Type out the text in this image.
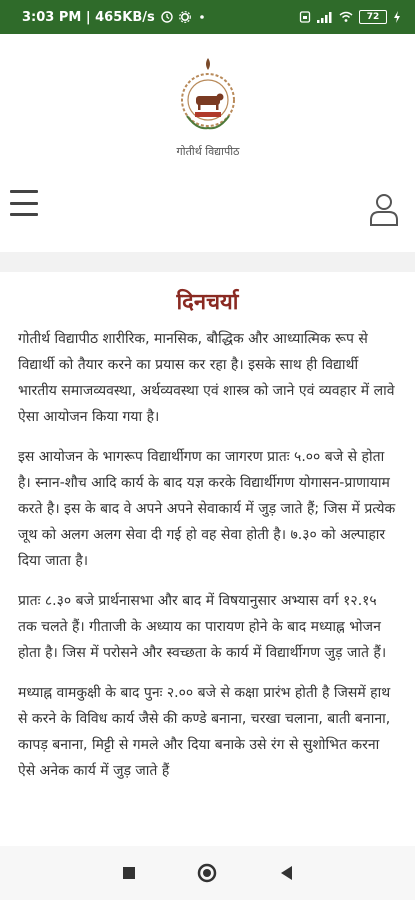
3:03 PM | 465KB/s	72
गोतीर्थ विद्यापीठ
दिनचर्या

गोतीर्थ विद्यापीठ शारीरिक, मानसिक, बौद्धिक और आध्यात्मिक रूप से विद्यार्थी को तैयार करने का प्रयास कर रहा है। इसके साथ ही विद्यार्थी भारतीय समाजव्यवस्था, अर्थव्यवस्था एवं शास्त्र को जाने एवं व्यवहार में लावे ऐसा आयोजन किया गया है।

इस आयोजन के भागरूप विद्यार्थीगण का जागरण प्रातः ५.०० बजे से होता है। स्नान-शौच आदि कार्य के बाद यज्ञ करके विद्यार्थीगण योगासन-प्राणायाम करते है। इस के बाद वे अपने अपने सेवाकार्य में जुड़ जाते हैं; जिस में प्रत्येक जूथ को अलग अलग सेवा दी गई हो वह सेवा होती है। ७.३० को अल्पाहार दिया जाता है।

प्रातः ८.३० बजे प्रार्थनासभा और बाद में विषयानुसार अभ्यास वर्ग १२.१५ तक चलते हैं। गीताजी के अध्याय का पारायण होने के बाद मध्याह्न भोजन होता है। जिस में परोसने और स्वच्छता के कार्य में विद्यार्थीगण जुड़ जाते हैं।

मध्याह्न वामकुक्षी के बाद पुनः २.०० बजे से कक्षा प्रारंभ होती है जिसमें हाथ से करने के विविध कार्य जैसे की कण्डे बनाना, चरखा चलाना, बाती बनाना, कापड़ बनाना, मिट्टी से गमले और दिया बनाके उसे रंग से सुशोभित करना ऐसे अनेक कार्य में जुड़ जाते हैं
